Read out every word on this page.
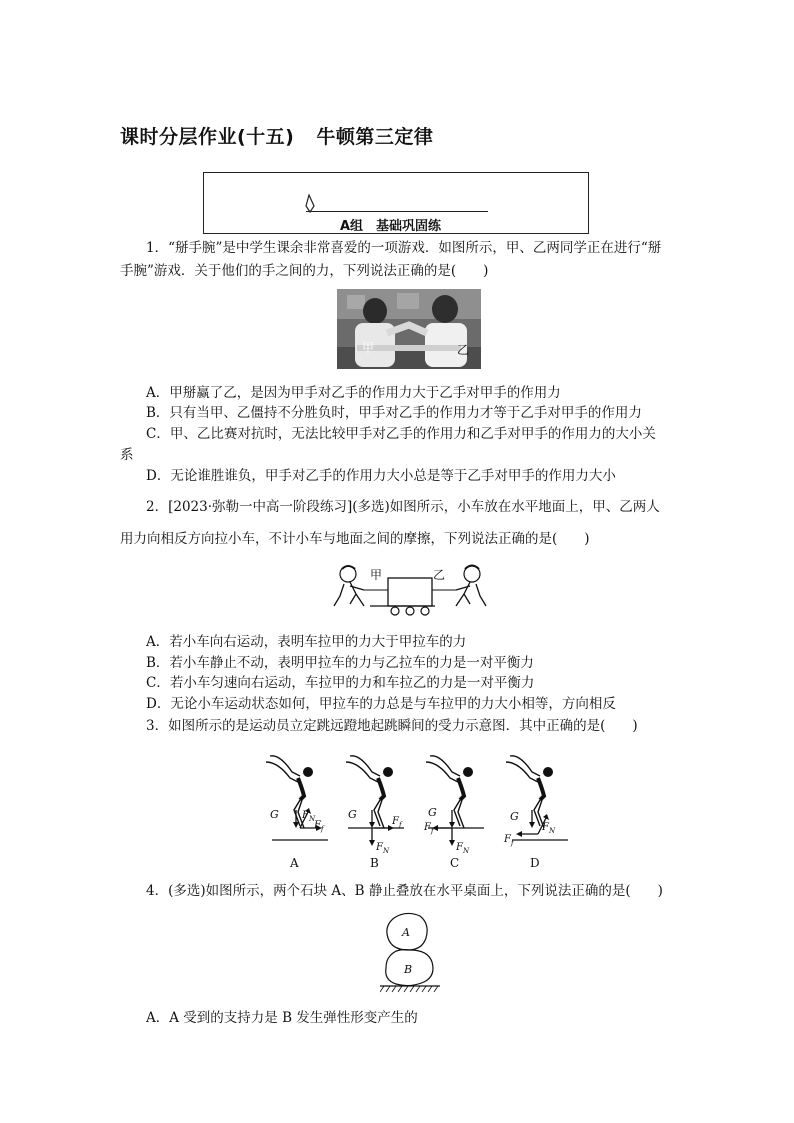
课时分层作业(十五) 牛顿第三定律
A组　基础巩固练
1．“掰手腕”是中学生课余非常喜爱的一项游戏．如图所示，甲、乙两同学正在进行“掰
手腕”游戏．关于他们的手之间的力，下列说法正确的是(　　)
甲	乙
A．甲掰赢了乙，是因为甲手对乙手的作用力大于乙手对甲手的作用力
B．只有当甲、乙僵持不分胜负时，甲手对乙手的作用力才等于乙手对甲手的作用力
C．甲、乙比赛对抗时，无法比较甲手对乙手的作用力和乙手对甲手的作用力的大小关
系
D．无论谁胜谁负，甲手对乙手的作用力大小总是等于乙手对甲手的作用力大小
2．[2023·弥勒一中高一阶段练习](多选)如图所示，小车放在水平地面上，甲、乙两人
用力向相反方向拉小车，不计小车与地面之间的摩擦，下列说法正确的是(　　)
甲	乙
A．若小车向右运动，表明车拉甲的力大于甲拉车的力
B．若小车静止不动，表明甲拉车的力与乙拉车的力是一对平衡力
C．若小车匀速向右运动，车拉甲的力和车拉乙的力是一对平衡力
D．无论小车运动状态如何，甲拉车的力总是与车拉甲的力大小相等，方向相反
3．如图所示的是运动员立定跳远蹬地起跳瞬间的受力示意图．其中正确的是(　　)
G $F_N$
$F_f$
A
G
$F_f$
$F_N$
B
G
$F_f$
$F_N$
C
G
$F_N$
$F_f$
D
4．(多选)如图所示，两个石块 A、B 静止叠放在水平桌面上，下列说法正确的是(　　)
A
B
A．A 受到的支持力是 B 发生弹性形变产生的
